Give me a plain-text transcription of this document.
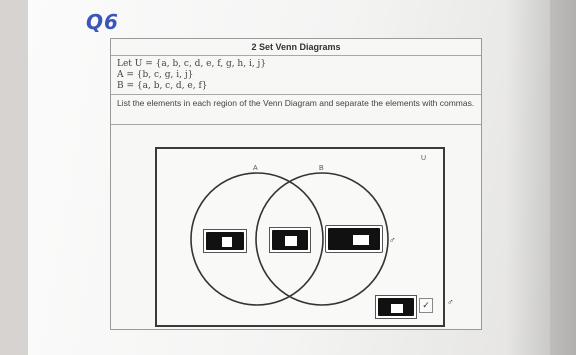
Q6
2 Set Venn Diagrams
Let U = {a, b, c, d, e, f, g, h, i, j}
A = {b, c, g, i, j}
B = {a, b, c, d, e, f}
List the elements in each region of the Venn Diagram and separate the elements with commas.
A	B
U
♂
✓	♂
